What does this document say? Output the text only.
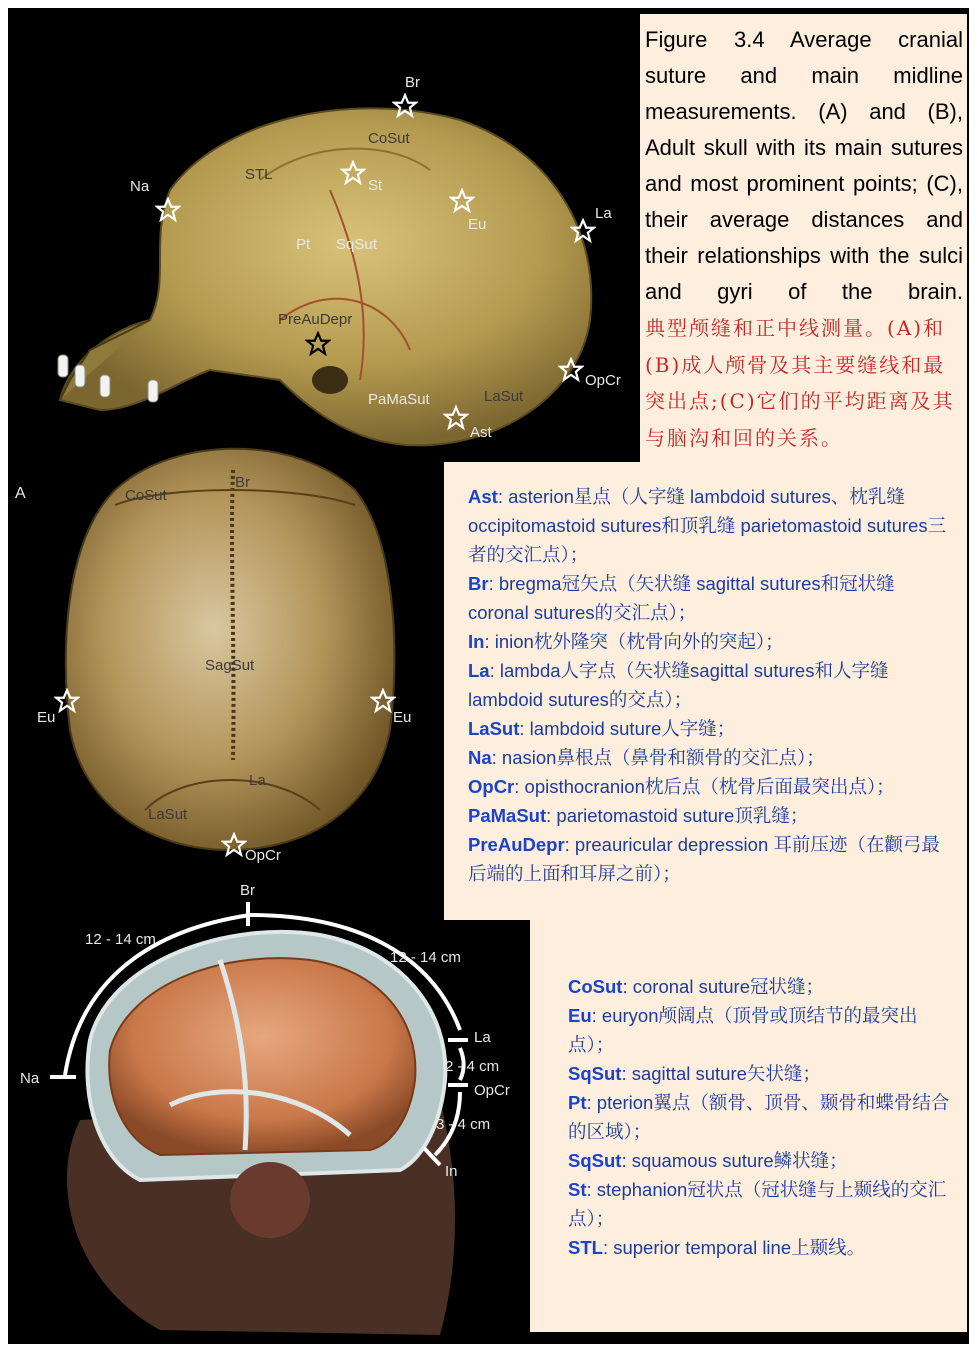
Figure 3.4 Average cranial suture and main midline measurements. (A) and (B), Adult skull with its main sutures and most prominent points; (C), their average distances and their relationships with the sulci and gyri of the brain.
典型颅缝和正中线测量。(A)和(B)成人颅骨及其主要缝线和最突出点;(C)它们的平均距离及其与脑沟和回的关系。

Ast: asterion星点（人字缝 lambdoid sutures、枕乳缝 occipitomastoid sutures和顶乳缝 parietomastoid sutures三者的交汇点）；

Br: bregma冠矢点（矢状缝 sagittal sutures和冠状缝 coronal sutures的交汇点）；

In: inion枕外隆突（枕骨向外的突起）；

La: lambda人字点（矢状缝sagittal sutures和人字缝 lambdoid sutures的交点）；

LaSut: lambdoid suture人字缝；

Na: nasion鼻根点（鼻骨和额骨的交汇点）；

OpCr: opisthocranion枕后点（枕骨后面最突出点）；

PaMaSut: parietomastoid suture顶乳缝；

PreAuDepr: preauricular depression 耳前压迹（在颧弓最后端的上面和耳屏之前）；

CoSut: coronal suture冠状缝；

Eu: euryon颅阔点（顶骨或顶结节的最突出点）；

SqSut: sagittal suture矢状缝；

Pt: pterion翼点（额骨、顶骨、颞骨和蝶骨结合的区域）；

SqSut: squamous suture鳞状缝；

St: stephanion冠状点（冠状缝与上颞线的交汇点）；

STL: superior temporal line上颞线。

Br
CoSut
STL
Na	St
Eu
La
Pt SqSut
PreAuDepr
OpCr
PaMaSut	LaSut
Ast
A	CoSut
Br
SagSut
Eu	Eu
La
LaSut
OpCr
Br
12 - 14 cm
12 - 14 cm
Na
La
2 - 4 cm
OpCr
3 - 4 cm
In
